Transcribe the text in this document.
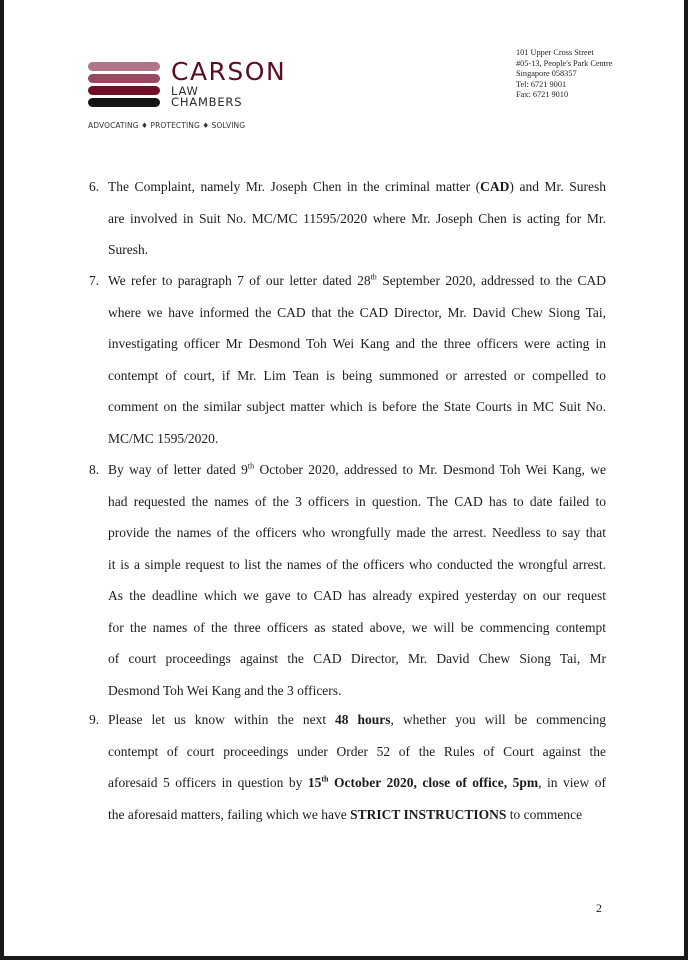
CARSON
LAW
CHAMBERS
ADVOCATING ♦ PROTECTING ♦ SOLVING
101 Upper Cross Street
#05-13, People's Park Centre
Singapore 058357
Tel: 6721 9001
Fax: 6721 9010
6. The Complaint, namely Mr. Joseph Chen in the criminal matter (CAD) and Mr. Suresh
are involved in Suit No. MC/MC 11595/2020 where Mr. Joseph Chen is acting for Mr.
Suresh.
7. We refer to paragraph 7 of our letter dated 28th September 2020, addressed to the CAD
where we have informed the CAD that the CAD Director, Mr. David Chew Siong Tai,
investigating officer Mr Desmond Toh Wei Kang and the three officers were acting in
contempt of court, if Mr. Lim Tean is being summoned or arrested or compelled to
comment on the similar subject matter which is before the State Courts in MC Suit No.
MC/MC 1595/2020.
8. By way of letter dated 9th October 2020, addressed to Mr. Desmond Toh Wei Kang, we
had requested the names of the 3 officers in question. The CAD has to date failed to
provide the names of the officers who wrongfully made the arrest. Needless to say that
it is a simple request to list the names of the officers who conducted the wrongful arrest.
As the deadline which we gave to CAD has already expired yesterday on our request
for the names of the three officers as stated above, we will be commencing contempt
of court proceedings against the CAD Director, Mr. David Chew Siong Tai, Mr
Desmond Toh Wei Kang and the 3 officers.
9. Please let us know within the next 48 hours, whether you will be commencing
contempt of court proceedings under Order 52 of the Rules of Court against the
aforesaid 5 officers in question by 15th October 2020, close of office, 5pm, in view of
the aforesaid matters, failing which we have STRICT INSTRUCTIONS to commence
2
